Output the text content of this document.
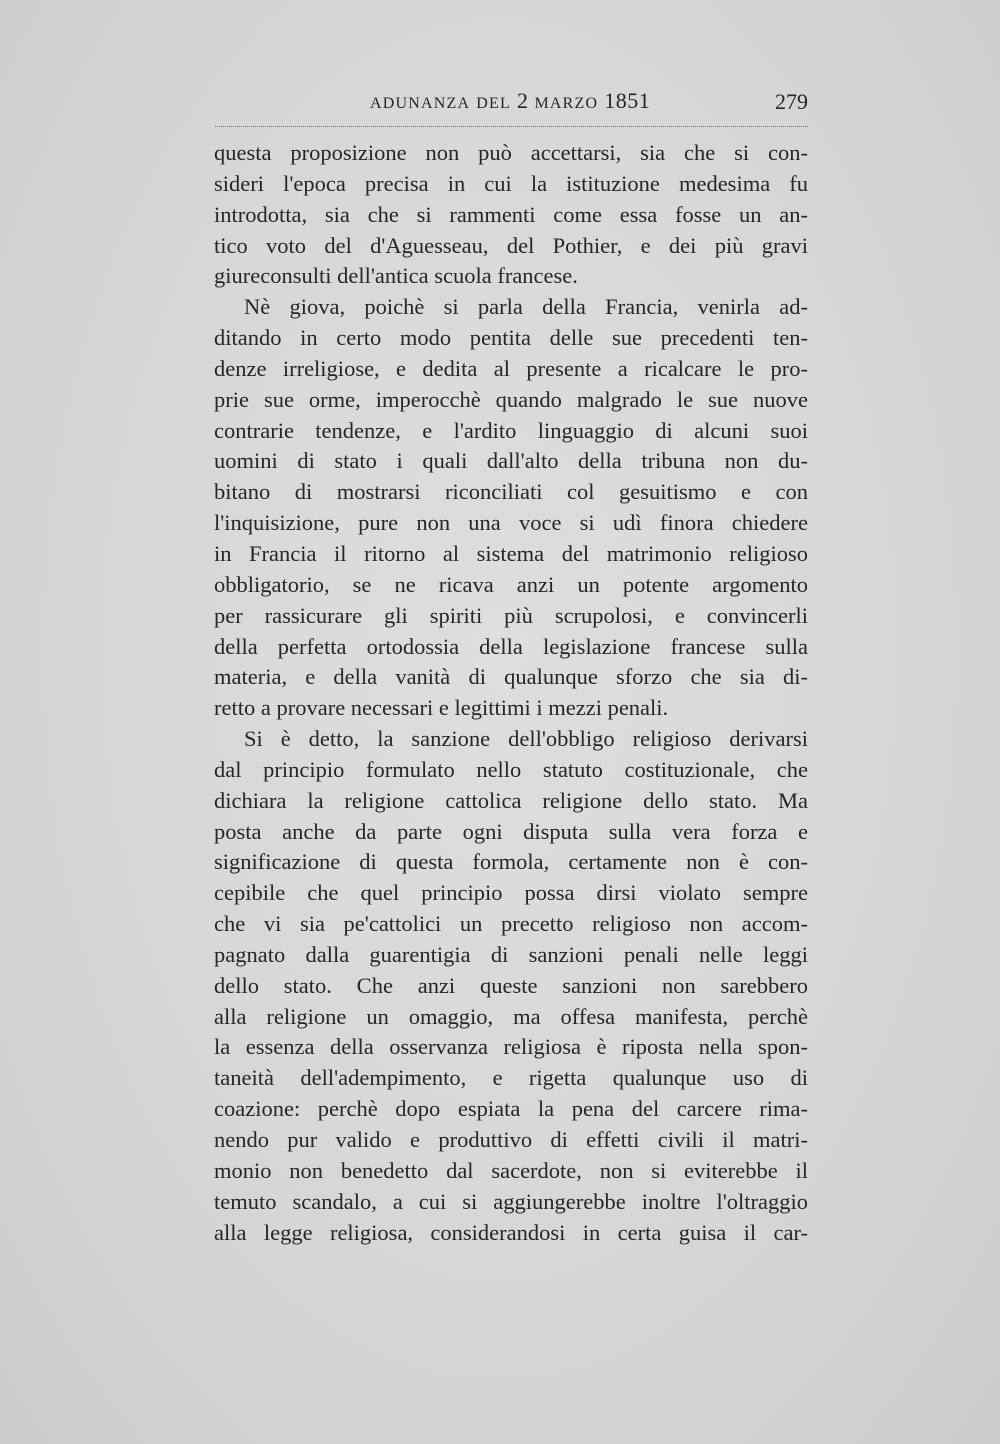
ADUNANZA DEL 2 MARZO 1851	279
questa proposizione non può accettarsi, sia che si con-
sideri l'epoca precisa in cui la istituzione medesima fu
introdotta, sia che si rammenti come essa fosse un an-
tico voto del d'Aguesseau, del Pothier, e dei più gravi
giureconsulti dell'antica scuola francese.
Nè giova, poichè si parla della Francia, venirla ad-
ditando in certo modo pentita delle sue precedenti ten-
denze irreligiose, e dedita al presente a ricalcare le pro-
prie sue orme, imperocchè quando malgrado le sue nuove
contrarie tendenze, e l'ardito linguaggio di alcuni suoi
uomini di stato i quali dall'alto della tribuna non du-
bitano di mostrarsi riconciliati col gesuitismo e con
l'inquisizione, pure non una voce si udì finora chiedere
in Francia il ritorno al sistema del matrimonio religioso
obbligatorio, se ne ricava anzi un potente argomento
per rassicurare gli spiriti più scrupolosi, e convincerli
della perfetta ortodossia della legislazione francese sulla
materia, e della vanità di qualunque sforzo che sia di-
retto a provare necessari e legittimi i mezzi penali.
Si è detto, la sanzione dell'obbligo religioso derivarsi
dal principio formulato nello statuto costituzionale, che
dichiara la religione cattolica religione dello stato. Ma
posta anche da parte ogni disputa sulla vera forza e
significazione di questa formola, certamente non è con-
cepibile che quel principio possa dirsi violato sempre
che vi sia pe'cattolici un precetto religioso non accom-
pagnato dalla guarentigia di sanzioni penali nelle leggi
dello stato. Che anzi queste sanzioni non sarebbero
alla religione un omaggio, ma offesa manifesta, perchè
la essenza della osservanza religiosa è riposta nella spon-
taneità dell'adempimento, e rigetta qualunque uso di
coazione: perchè dopo espiata la pena del carcere rima-
nendo pur valido e produttivo di effetti civili il matri-
monio non benedetto dal sacerdote, non si eviterebbe il
temuto scandalo, a cui si aggiungerebbe inoltre l'oltraggio
alla legge religiosa, considerandosi in certa guisa il car-
